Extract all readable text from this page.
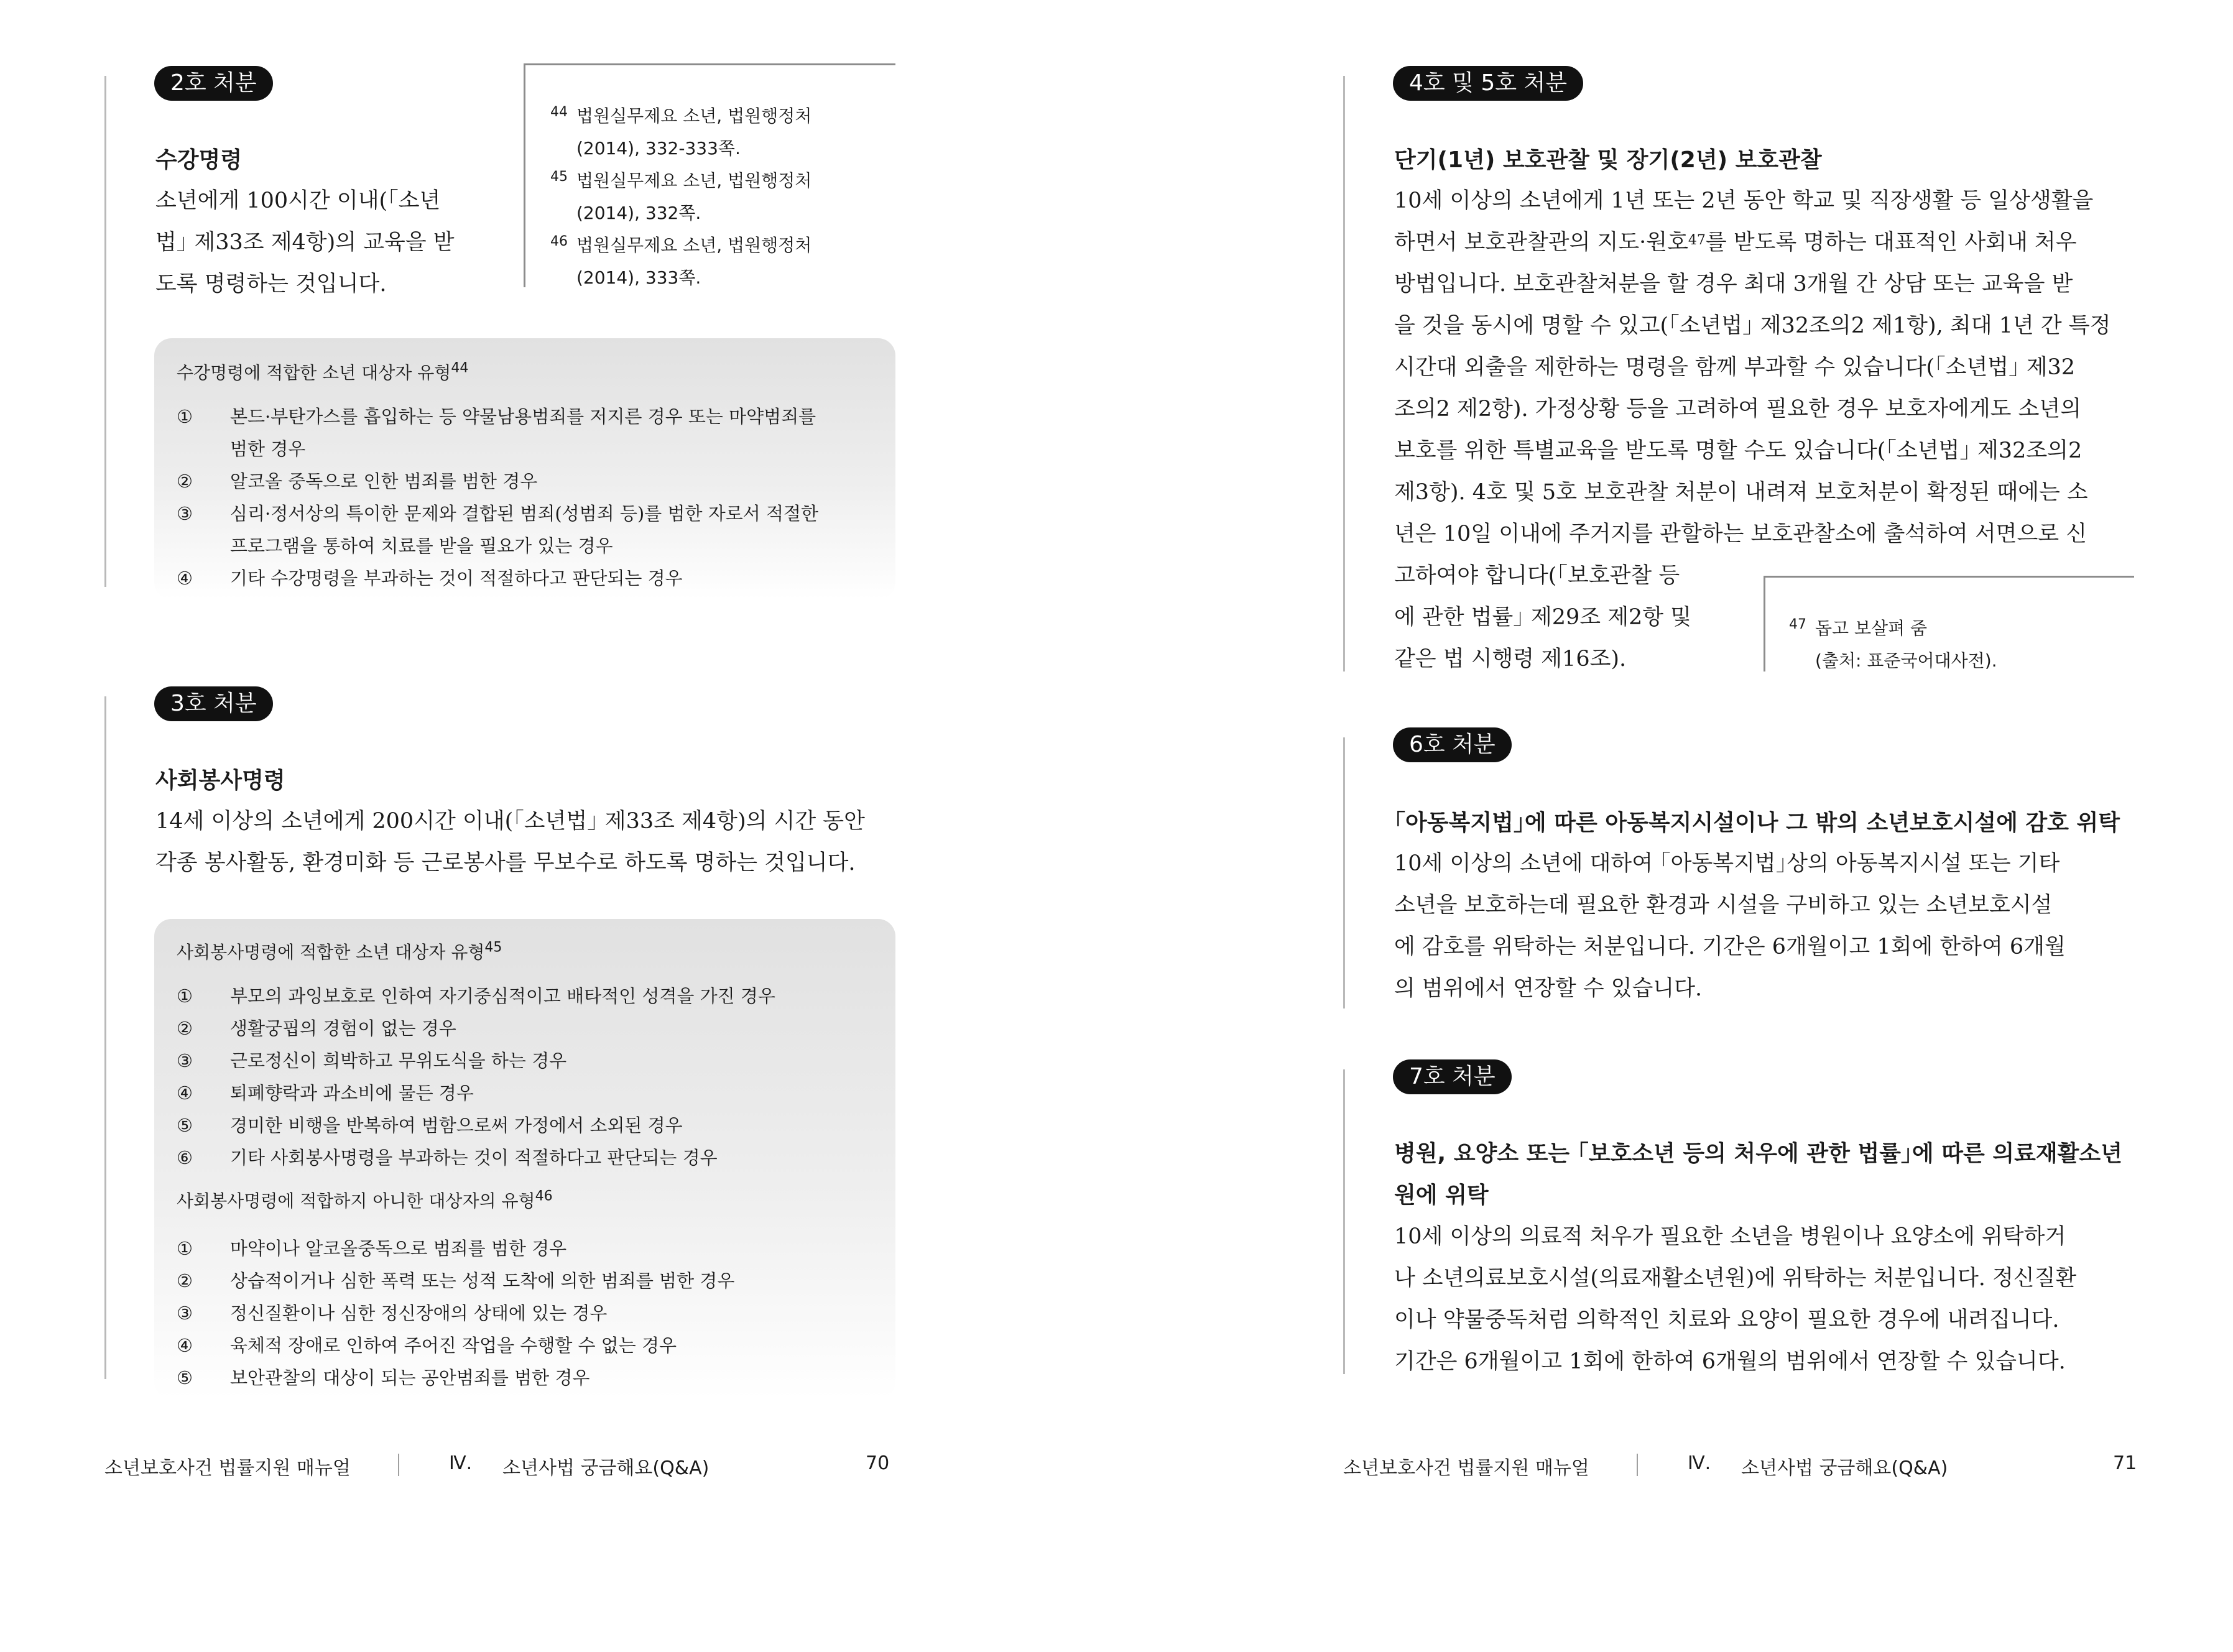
2호 처분
수강명령
소년에게 100시간 이내(｢소년
법｣ 제33조 제4항)의 교육을 받
도록 명령하는 것입니다.
44 법원실무제요 소년, 법원행정처
(2014), 332-333쪽.
45 법원실무제요 소년, 법원행정처
(2014), 332쪽.
46 법원실무제요 소년, 법원행정처
(2014), 333쪽.
수강명령에 적합한 소년 대상자 유형$^{44}$
① 본드·부탄가스를 흡입하는 등 약물남용범죄를 저지른 경우 또는 마약범죄를
범한 경우
② 알코올 중독으로 인한 범죄를 범한 경우
③ 심리·정서상의 특이한 문제와 결합된 범죄(성범죄 등)를 범한 자로서 적절한
프로그램을 통하여 치료를 받을 필요가 있는 경우
④ 기타 수강명령을 부과하는 것이 적절하다고 판단되는 경우
3호 처분
사회봉사명령
14세 이상의 소년에게 200시간 이내(｢소년법｣ 제33조 제4항)의 시간 동안
각종 봉사활동, 환경미화 등 근로봉사를 무보수로 하도록 명하는 것입니다.
사회봉사명령에 적합한 소년 대상자 유형$^{45}$
① 부모의 과잉보호로 인하여 자기중심적이고 배타적인 성격을 가진 경우
② 생활궁핍의 경험이 없는 경우
③ 근로정신이 희박하고 무위도식을 하는 경우
④ 퇴폐향락과 과소비에 물든 경우
⑤ 경미한 비행을 반복하여 범함으로써 가정에서 소외된 경우
⑥ 기타 사회봉사명령을 부과하는 것이 적절하다고 판단되는 경우
사회봉사명령에 적합하지 아니한 대상자의 유형$^{46}$
① 마약이나 알코올중독으로 범죄를 범한 경우
② 상습적이거나 심한 폭력 또는 성적 도착에 의한 범죄를 범한 경우
③ 정신질환이나 심한 정신장애의 상태에 있는 경우
④ 육체적 장애로 인하여 주어진 작업을 수행할 수 없는 경우
⑤ 보안관찰의 대상이 되는 공안범죄를 범한 경우
소년보호사건 법률지원 매뉴얼	Ⅳ. 소년사법 궁금해요(Q&A)	70
4호 및 5호 처분
단기(1년) 보호관찰 및 장기(2년) 보호관찰
10세 이상의 소년에게 1년 또는 2년 동안 학교 및 직장생활 등 일상생활을
하면서 보호관찰관의 지도·원호$^{47}$를 받도록 명하는 대표적인 사회내 처우
방법입니다. 보호관찰처분을 할 경우 최대 3개월 간 상담 또는 교육을 받
을 것을 동시에 명할 수 있고(｢소년법｣ 제32조의2 제1항), 최대 1년 간 특정
시간대 외출을 제한하는 명령을 함께 부과할 수 있습니다(｢소년법｣ 제32
조의2 제2항). 가정상황 등을 고려하여 필요한 경우 보호자에게도 소년의
보호를 위한 특별교육을 받도록 명할 수도 있습니다(｢소년법｣ 제32조의2
제3항). 4호 및 5호 보호관찰 처분이 내려져 보호처분이 확정된 때에는 소
년은 10일 이내에 주거지를 관할하는 보호관찰소에 출석하여 서면으로 신
고하여야 합니다(｢보호관찰 등
에 관한 법률｣ 제29조 제2항 및
같은 법 시행령 제16조).
47 돕고 보살펴 줌
(출처: 표준국어대사전).
6호 처분
｢아동복지법｣에 따른 아동복지시설이나 그 밖의 소년보호시설에 감호 위탁
10세 이상의 소년에 대하여 ｢아동복지법｣상의 아동복지시설 또는 기타
소년을 보호하는데 필요한 환경과 시설을 구비하고 있는 소년보호시설
에 감호를 위탁하는 처분입니다. 기간은 6개월이고 1회에 한하여 6개월
의 범위에서 연장할 수 있습니다.
7호 처분
병원, 요양소 또는 ｢보호소년 등의 처우에 관한 법률｣에 따른 의료재활소년
원에 위탁
10세 이상의 의료적 처우가 필요한 소년을 병원이나 요양소에 위탁하거
나 소년의료보호시설(의료재활소년원)에 위탁하는 처분입니다. 정신질환
이나 약물중독처럼 의학적인 치료와 요양이 필요한 경우에 내려집니다.
기간은 6개월이고 1회에 한하여 6개월의 범위에서 연장할 수 있습니다.
소년보호사건 법률지원 매뉴얼	Ⅳ. 소년사법 궁금해요(Q&A)	71
